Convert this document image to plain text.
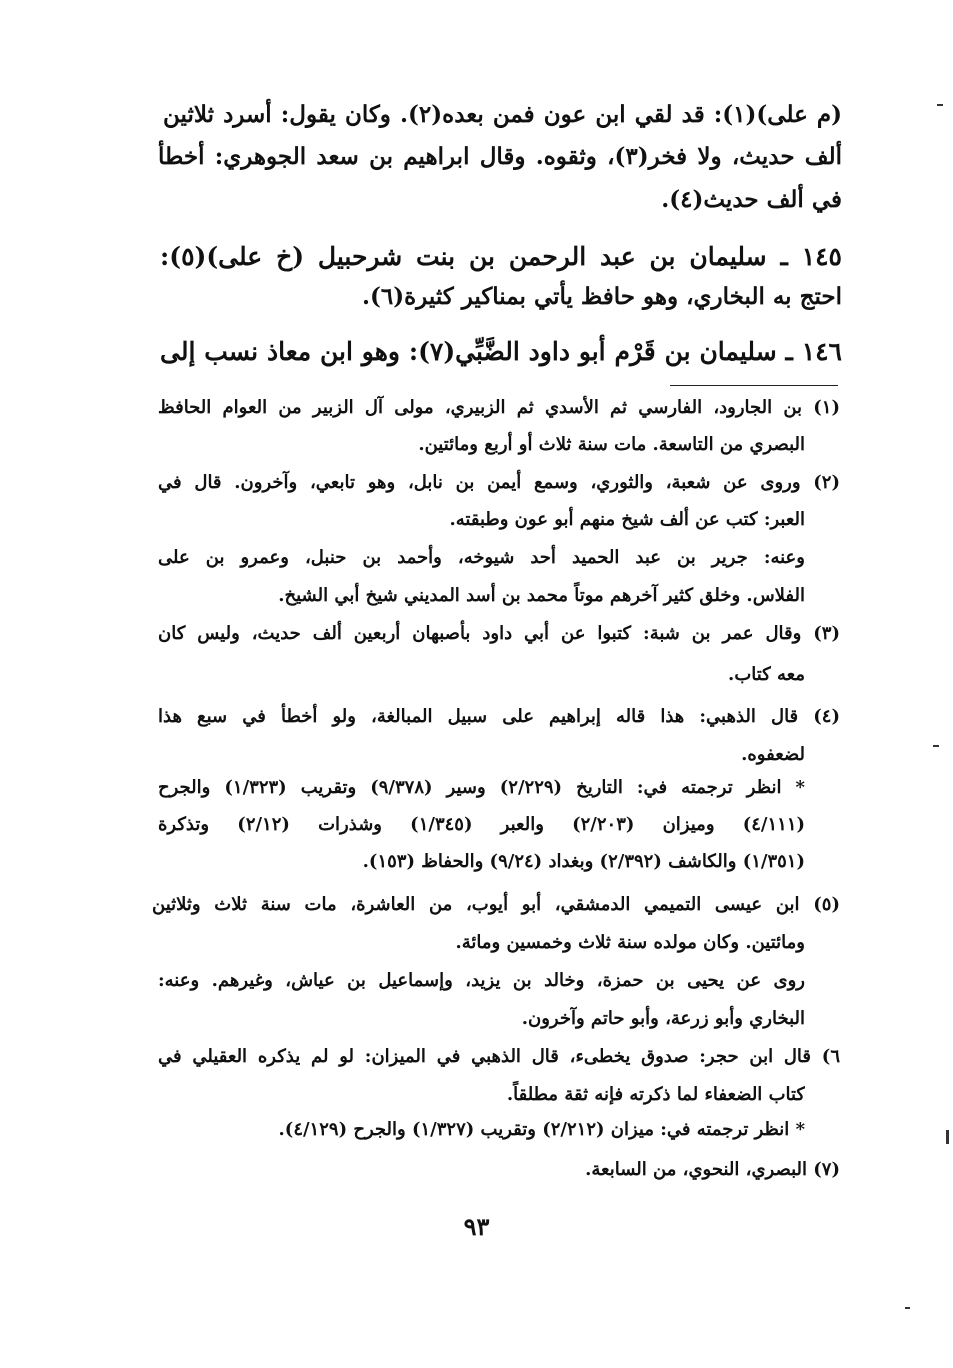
(م على)(١): قد لقي ابن عون فمن بعده(٢). وكان يقول: أسرد ثلاثين
ألف حديث، ولا فخر(٣)، وثقوه. وقال ابراهيم بن سعد الجوهري: أخطأ
في ألف حديث(٤).
١٤٥ ـ سليمان بن عبد الرحمن بن بنت شرحبيل (خ على)(٥):
احتج به البخاري، وهو حافظ يأتي بمناكير كثيرة(٦).
١٤٦ ـ سليمان بن قَرْم أبو داود الضَّبِّي(٧): وهو ابن معاذ نسب إلى
(١) بن الجارود، الفارسي ثم الأسدي ثم الزبيري، مولى آل الزبير من العوام الحافظ
البصري من التاسعة. مات سنة ثلاث أو أربع ومائتين.
(٢) وروى عن شعبة، والثوري، وسمع أيمن بن نابل، وهو تابعي، وآخرون. قال في
العبر: كتب عن ألف شيخ منهم أبو عون وطبقته.
وعنه: جرير بن عبد الحميد أحد شيوخه، وأحمد بن حنبل، وعمرو بن على
الفلاس. وخلق كثير آخرهم موتاً محمد بن أسد المديني شيخ أبي الشيخ.
(٣) وقال عمر بن شبة: كتبوا عن أبي داود بأصبهان أربعين ألف حديث، وليس كان
معه كتاب.
(٤) قال الذهبي: هذا قاله إبراهيم على سبيل المبالغة، ولو أخطأ في سبع هذا
لضعفوه.
* انظر ترجمته في: التاريخ (٢/٢٢٩) وسير (٩/٣٧٨) وتقريب (١/٣٢٣) والجرح
(٤/١١١) وميزان (٢/٢٠٣) والعبر (١/٣٤٥) وشذرات (٢/١٢) وتذكرة
(١/٣٥١) والكاشف (٢/٣٩٢) وبغداد (٩/٢٤) والحفاظ (١٥٣).
(٥) ابن عيسى التميمي الدمشقي، أبو أيوب، من العاشرة، مات سنة ثلاث وثلاثين
ومائتين. وكان مولده سنة ثلاث وخمسين ومائة.
روى عن يحيى بن حمزة، وخالد بن يزيد، وإسماعيل بن عياش، وغيرهم. وعنه:
البخاري وأبو زرعة، وأبو حاتم وآخرون.
٦) قال ابن حجر: صدوق يخطىء، قال الذهبي في الميزان: لو لم يذكره العقيلي في
كتاب الضعفاء لما ذكرته فإنه ثقة مطلقاً.
* انظر ترجمته في: ميزان (٢/٢١٢) وتقريب (١/٣٢٧) والجرح (٤/١٢٩).
(٧) البصري، النحوي، من السابعة.
٩٣
